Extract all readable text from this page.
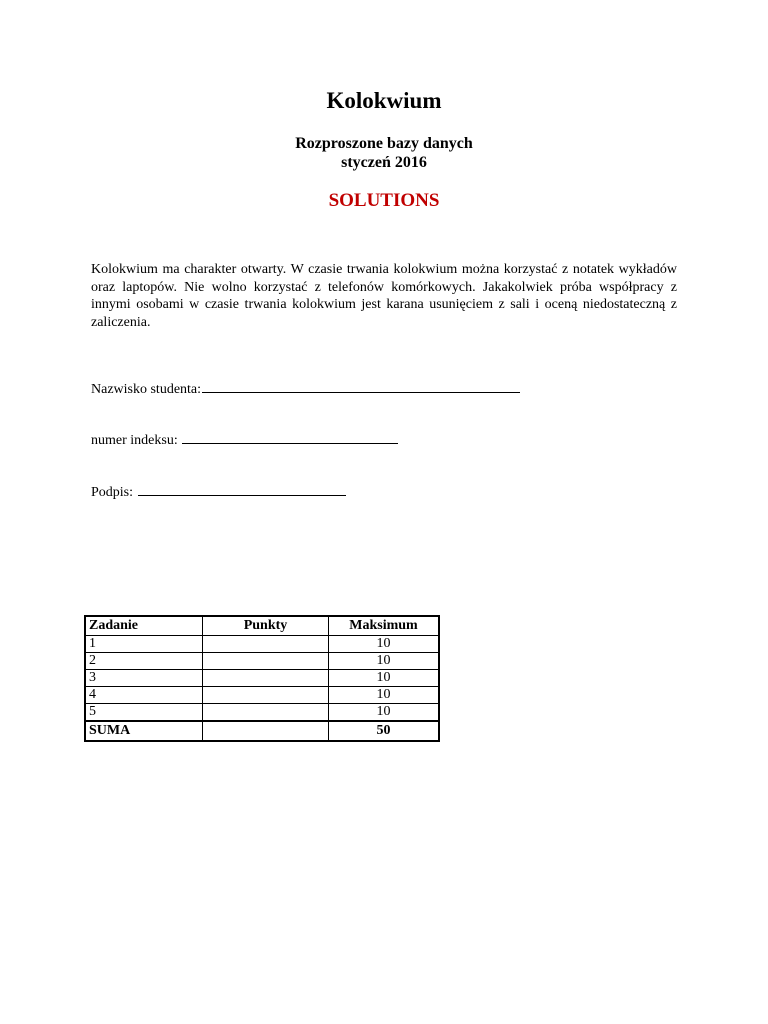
Kolokwium
Rozproszone bazy danych
styczeń 2016
SOLUTIONS

Kolokwium ma charakter otwarty. W czasie trwania kolokwium można korzystać z notatek wykładów oraz laptopów. Nie wolno korzystać z telefonów komórkowych. Jakakolwiek próba współpracy z innymi osobami w czasie trwania kolokwium jest karana usunięciem z sali i oceną niedostateczną z zaliczenia.

Nazwisko studenta:
numer indeksu:
Podpis:
Zadanie	Punkty	Maksimum
1		10
2		10
3		10
4		10
5		10
SUMA		50
